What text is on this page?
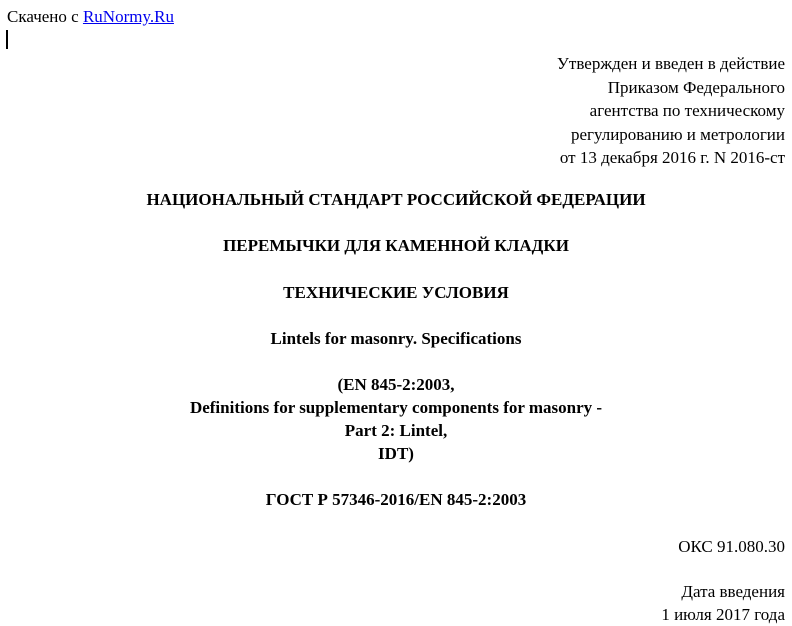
Скачено с RuNormy.Ru
Утвержден и введен в действие
Приказом Федерального
агентства по техническому
регулированию и метрологии
от 13 декабря 2016 г. N 2016-ст
НАЦИОНАЛЬНЫЙ СТАНДАРТ РОССИЙСКОЙ ФЕДЕРАЦИИ
ПЕРЕМЫЧКИ ДЛЯ КАМЕННОЙ КЛАДКИ
ТЕХНИЧЕСКИЕ УСЛОВИЯ
Lintels for masonry. Specifications
(EN 845-2:2003,
Definitions for supplementary components for masonry -
Part 2: Lintel,
IDT)
ГОСТ Р 57346-2016/EN 845-2:2003
ОКС 91.080.30
Дата введения
1 июля 2017 года
